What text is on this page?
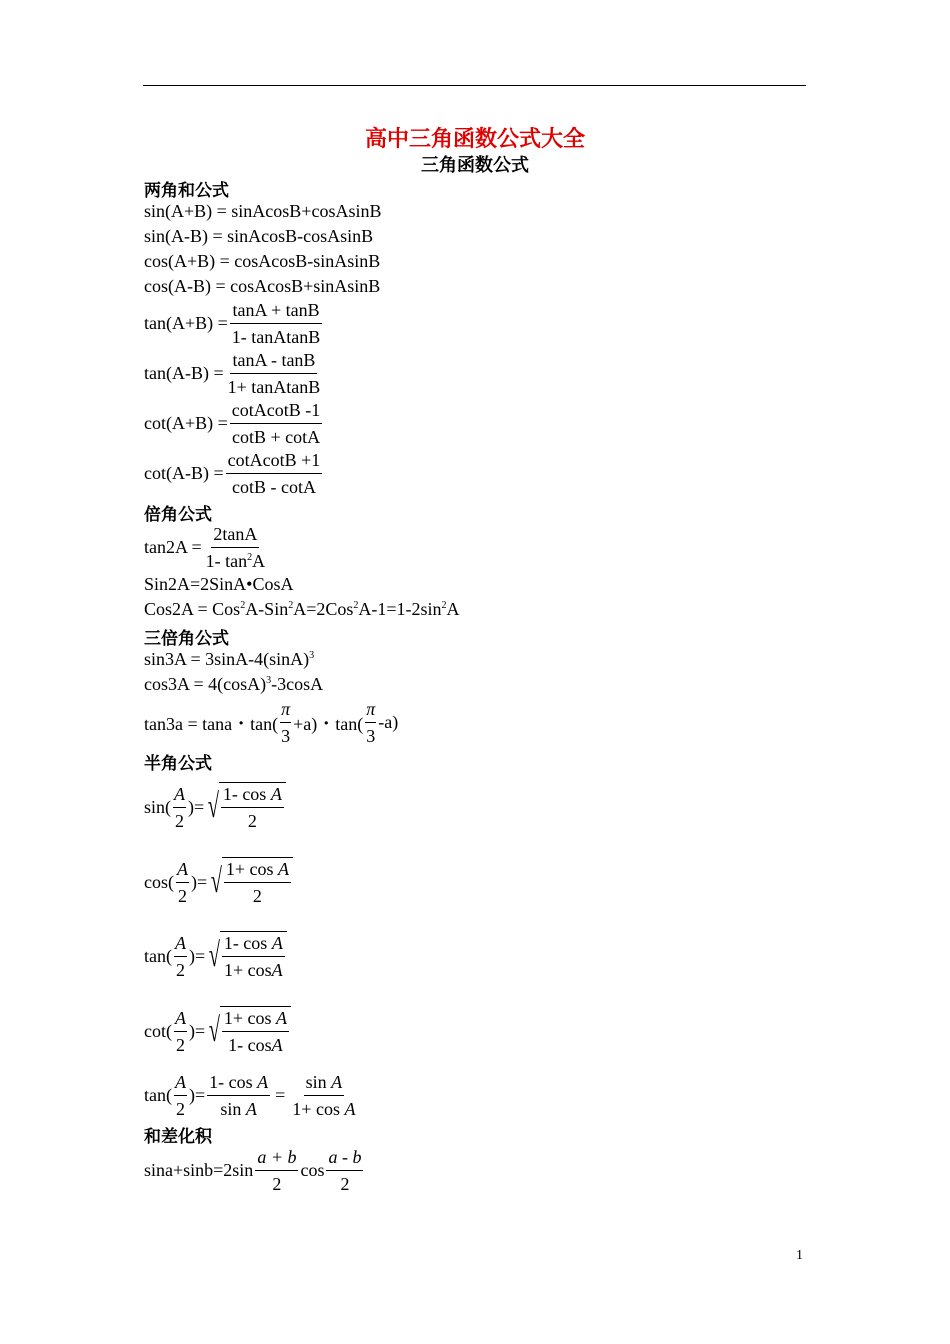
高中三角函数公式大全
三角函数公式
两角和公式
sin(A+B) = sinAcosB+cosAsinB
sin(A-B) = sinAcosB-cosAsinB
cos(A+B) = cosAcosB-sinAsinB
cos(A-B) = cosAcosB+sinAsinB
$\tan(A+B) = \frac{\tan A + \tan B}{\text{1- tanAtanB}}$
$\tan(A-B) = \frac{\tan A - \tan B}{\text{1+ tanAtanB}}$
$\cot(A+B) = \frac{\text{cotAcotB -1}}{\cot B + \cot A}$
$\cot(A-B) = \frac{\text{cotAcotB +1}}{\cot B - \cot A}$
倍角公式
$\tan 2A = \frac{2\tan A}{1- \tan^2A}$
Sin2A=2SinA•CosA
$Cos2A = Cos^2A-Sin^2A=2Cos^2A-1=1-2\sin^2A$
三倍角公式
$\sin 3A = 3\sin A-4(\sin A)^3$
$\cos 3A = 4(\cos A)^3-3\cos A$
tan3a = tana・$\tan( \frac{\pi}{3} +a)$・$\tan( \frac{\pi}{3} -a)$
半角公式
$\sin( \frac{A}{2}$ )= √ $\frac{\text{1- cos A}}{2}$
$\cos( \frac{A}{2}$ )= √ $\frac{\text{1+ cos A}}{2}$
$\tan( \frac{A}{2}$ )= √ $\frac{\text{1- cos A}}{1+ \cos A}$
$\cot( \frac{A}{2}$ )= √ $\frac{\text{1+ cos A}}{1- \cos A}$
$\tan( \frac{A}{2}$ )= $\frac{\text{1- cos A}}{\text{sin A}} = \frac{\text{sin A}}{\text{1+ cos A}}$
和差化积
$\sin a+\sin b=2\sin \frac{a + b}{2}$ $\cos \frac{a - b}{2}$
1
